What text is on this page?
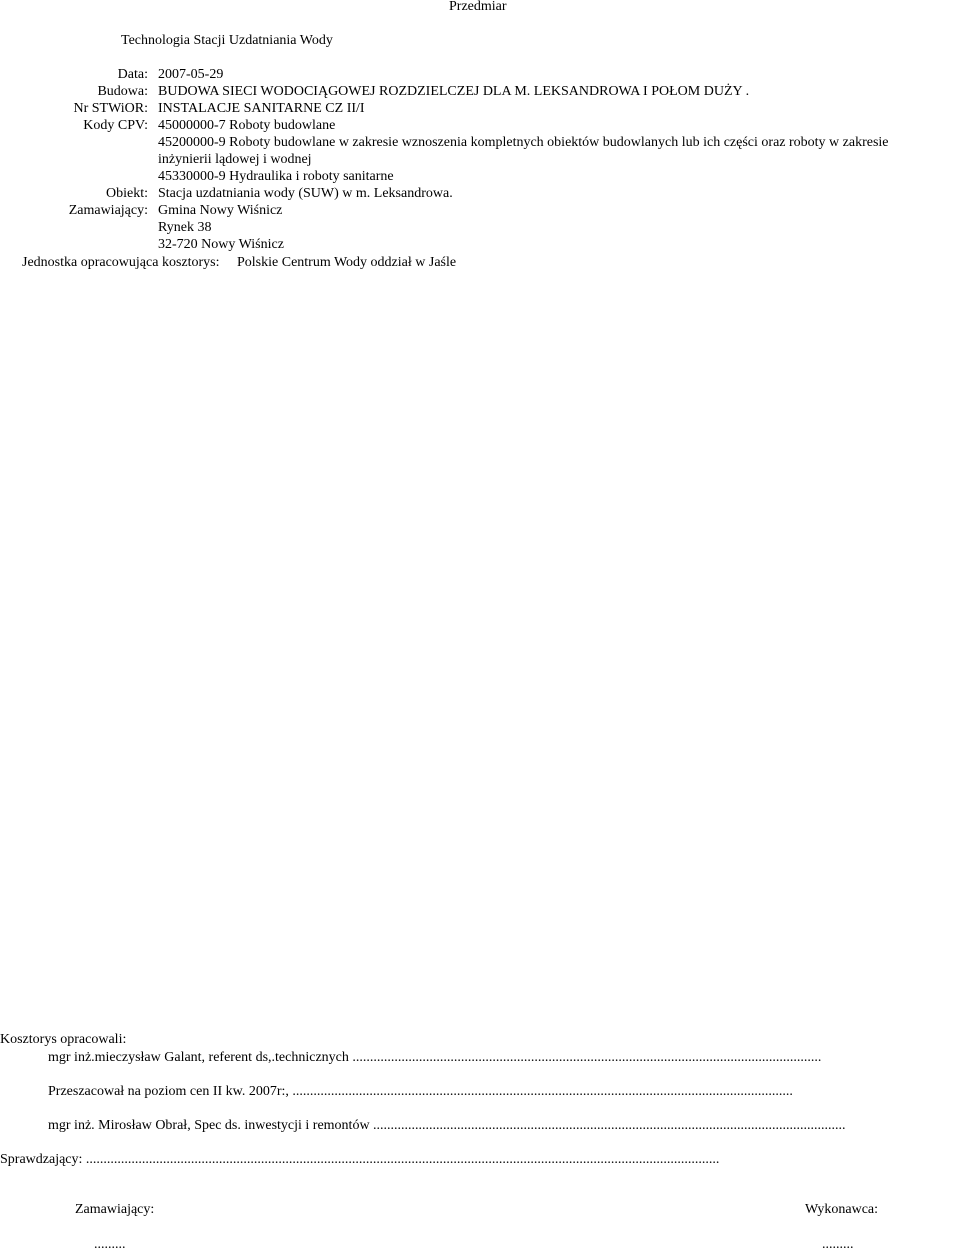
Przedmiar
Technologia Stacji Uzdatniania Wody
Data: 2007-05-29
Budowa: BUDOWA SIECI WODOCIĄGOWEJ ROZDZIELCZEJ DLA M. LEKSANDROWA I POŁOM DUŻY .
Nr STWiOR: INSTALACJE SANITARNE CZ II/I
Kody CPV: 45000000-7 Roboty budowlane
45200000-9 Roboty budowlane w zakresie wznoszenia kompletnych obiektów budowlanych lub ich części oraz roboty w zakresie
inżynierii lądowej i wodnej
45330000-9 Hydraulika i roboty sanitarne
Obiekt: Stacja uzdatniania wody (SUW) w m. Leksandrowa.
Zamawiający: Gmina Nowy Wiśnicz
Rynek 38
32-720 Nowy Wiśnicz
Jednostka opracowująca kosztorys: Polskie Centrum Wody oddział w Jaśle
Kosztorys opracowali:
mgr inż.mieczysław Galant, referent ds,.technicznych ......................................................................................................................................
Przeszacował na poziom cen II kw. 2007r:, ...............................................................................................................................................
mgr inż. Mirosław Obrał, Spec ds. inwestycji i remontów .......................................................................................................................................
Sprawdzający: .....................................................................................................................................................................................
Zamawiający:
.........
Wykonawca:
.........
